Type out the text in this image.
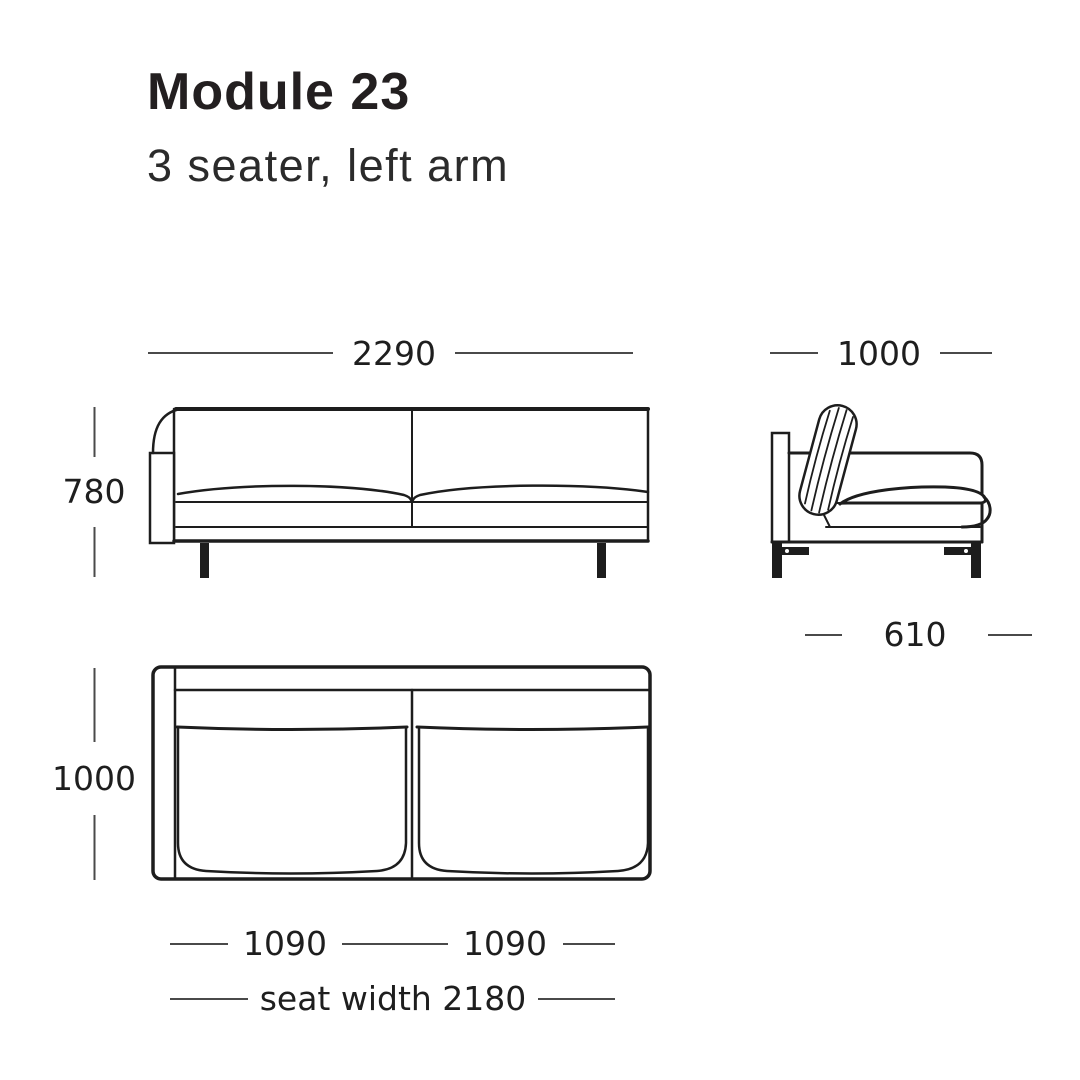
Module 23
3 seater, left arm
2290	1000
780
610
1000
1090	1090
seat width 2180
